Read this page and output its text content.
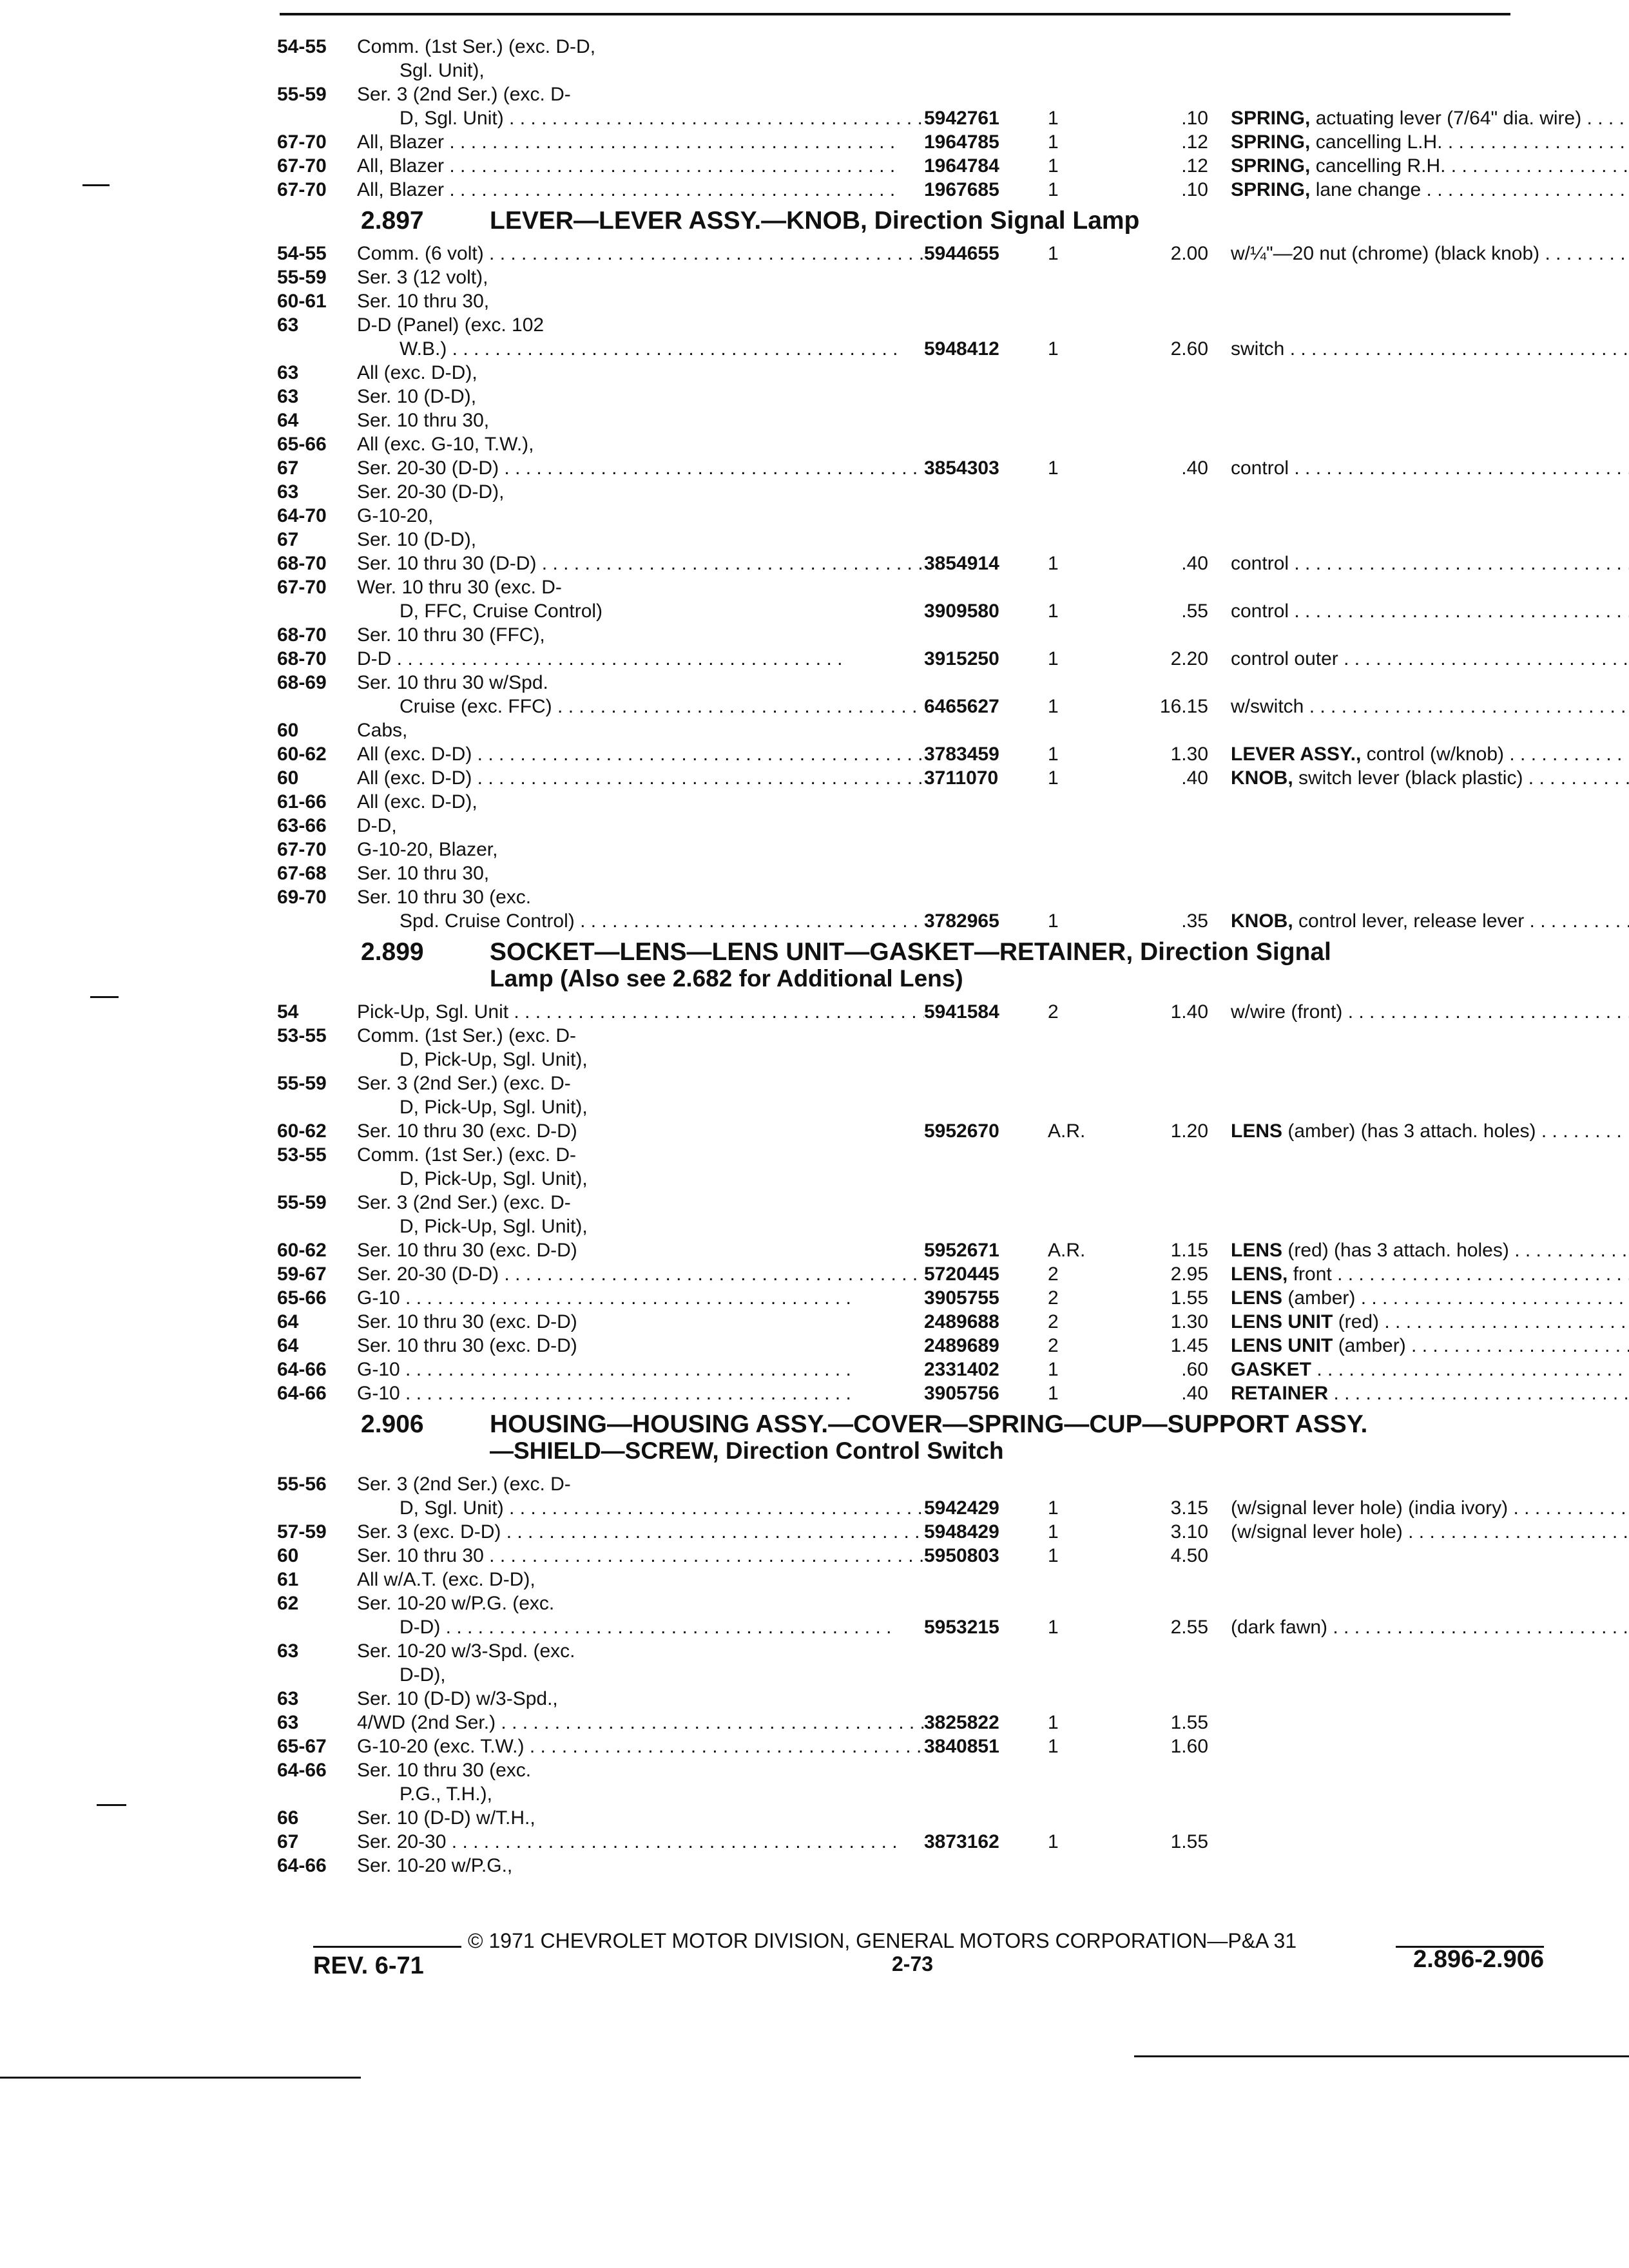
54-55 Comm. (1st Ser.) (exc. D-D,
Sgl. Unit),
55-59 Ser. 3 (2nd Ser.) (exc. D-
D, Sgl. Unit) . . .	5942761	1	.10 SPRING, actuating lever (7/64" dia. wire) . . .
67-70 All, Blazer . . .	1964785	1	.12 SPRING, cancelling L.H. . . .
67-70 All, Blazer . . .	1964784	1	.12 SPRING, cancelling R.H. . . .
67-70 All, Blazer . . .	1967685	1	.10 SPRING, lane change . . .
2.897	LEVER—LEVER ASSY.—KNOB, Direction Signal Lamp
54-55 Comm. (6 volt) . . .	5944655	1	2.00 w/¼"—20 nut (chrome) (black knob) . . .
55-59 Ser. 3 (12 volt),
60-61 Ser. 10 thru 30,
63	D-D (Panel) (exc. 102
W.B.) . . .	5948412	1	2.60 switch . . .
63	All (exc. D-D),
63	Ser. 10 (D-D),
64	Ser. 10 thru 30,
65-66 All (exc. G-10, T.W.),
67	Ser. 20-30 (D-D) . . .	3854303	1	.40 control . . .
63	Ser. 20-30 (D-D),
64-70 G-10-20,
67	Ser. 10 (D-D),
68-70 Ser. 10 thru 30 (D-D) . . .	3854914	1	.40 control . . .
67-70 Wer. 10 thru 30 (exc. D-
D, FFC, Cruise Control)	3909580	1	.55 control . . .
68-70 Ser. 10 thru 30 (FFC),
68-70 D-D . . .	3915250	1	2.20 control outer . . .
68-69 Ser. 10 thru 30 w/Spd.
Cruise (exc. FFC) . . .	6465627	1	16.15 w/switch . . .
60	Cabs,
60-62 All (exc. D-D) . . .	3783459	1	1.30 LEVER ASSY., control (w/knob) . . .
60	All (exc. D-D) . . .	3711070	1	.40 KNOB, switch lever (black plastic) . . .
61-66 All (exc. D-D),
63-66 D-D,
67-70 G-10-20, Blazer,
67-68 Ser. 10 thru 30,
69-70 Ser. 10 thru 30 (exc.
Spd. Cruise Control) . . .	3782965	1	.35 KNOB, control lever, release lever . . .
2.899	SOCKET—LENS—LENS UNIT—GASKET—RETAINER, Direction Signal
Lamp (Also see 2.682 for Additional Lens)
54	Pick-Up, Sgl. Unit . . .	5941584	2	1.40 w/wire (front) . . .
53-55 Comm. (1st Ser.) (exc. D-
D, Pick-Up, Sgl. Unit),
55-59 Ser. 3 (2nd Ser.) (exc. D-
D, Pick-Up, Sgl. Unit),
60-62 Ser. 10 thru 30 (exc. D-D)	5952670	A.R.	1.20 LENS (amber) (has 3 attach. holes) . . .
53-55 Comm. (1st Ser.) (exc. D-
D, Pick-Up, Sgl. Unit),
55-59 Ser. 3 (2nd Ser.) (exc. D-
D, Pick-Up, Sgl. Unit),
60-62 Ser. 10 thru 30 (exc. D-D)	5952671	A.R.	1.15 LENS (red) (has 3 attach. holes) . . .
59-67 Ser. 20-30 (D-D) . . .	5720445	2	2.95 LENS, front . . .
65-66 G-10 . . .	3905755	2	1.55 LENS (amber) . . .
64	Ser. 10 thru 30 (exc. D-D)	2489688	2	1.30 LENS UNIT (red) . . .
64	Ser. 10 thru 30 (exc. D-D)	2489689	2	1.45 LENS UNIT (amber) . . .
64-66 G-10 . . .	2331402	1	.60 GASKET . . .
64-66 G-10 . . .	3905756	1	.40 RETAINER . . .
2.906	HOUSING—HOUSING ASSY.—COVER—SPRING—CUP—SUPPORT ASSY.
—SHIELD—SCREW, Direction Control Switch
55-56 Ser. 3 (2nd Ser.) (exc. D-
D, Sgl. Unit) . . .	5942429	1	3.15 (w/signal lever hole) (india ivory) . . .
57-59 Ser. 3 (exc. D-D) . . .	5948429	1	3.10 (w/signal lever hole) . . .
60	Ser. 10 thru 30 . . .	5950803	1	4.50
61	All w/A.T. (exc. D-D),
62	Ser. 10-20 w/P.G. (exc.
D-D) . . .	5953215	1	2.55 (dark fawn) . . .
63	Ser. 10-20 w/3-Spd. (exc.
D-D),
63	Ser. 10 (D-D) w/3-Spd.,
63	4/WD (2nd Ser.) . . .	3825822	1	1.55
65-67 G-10-20 (exc. T.W.) . . .	3840851	1	1.60
64-66 Ser. 10 thru 30 (exc.
P.G., T.H.),
66	Ser. 10 (D-D) w/T.H.,
67	Ser. 20-30 . . .	3873162	1	1.55
64-66 Ser. 10-20 w/P.G.,
© 1971 CHEVROLET MOTOR DIVISION, GENERAL MOTORS CORPORATION—P&A 31
REV. 6-71	2-73	2.896-2.906
